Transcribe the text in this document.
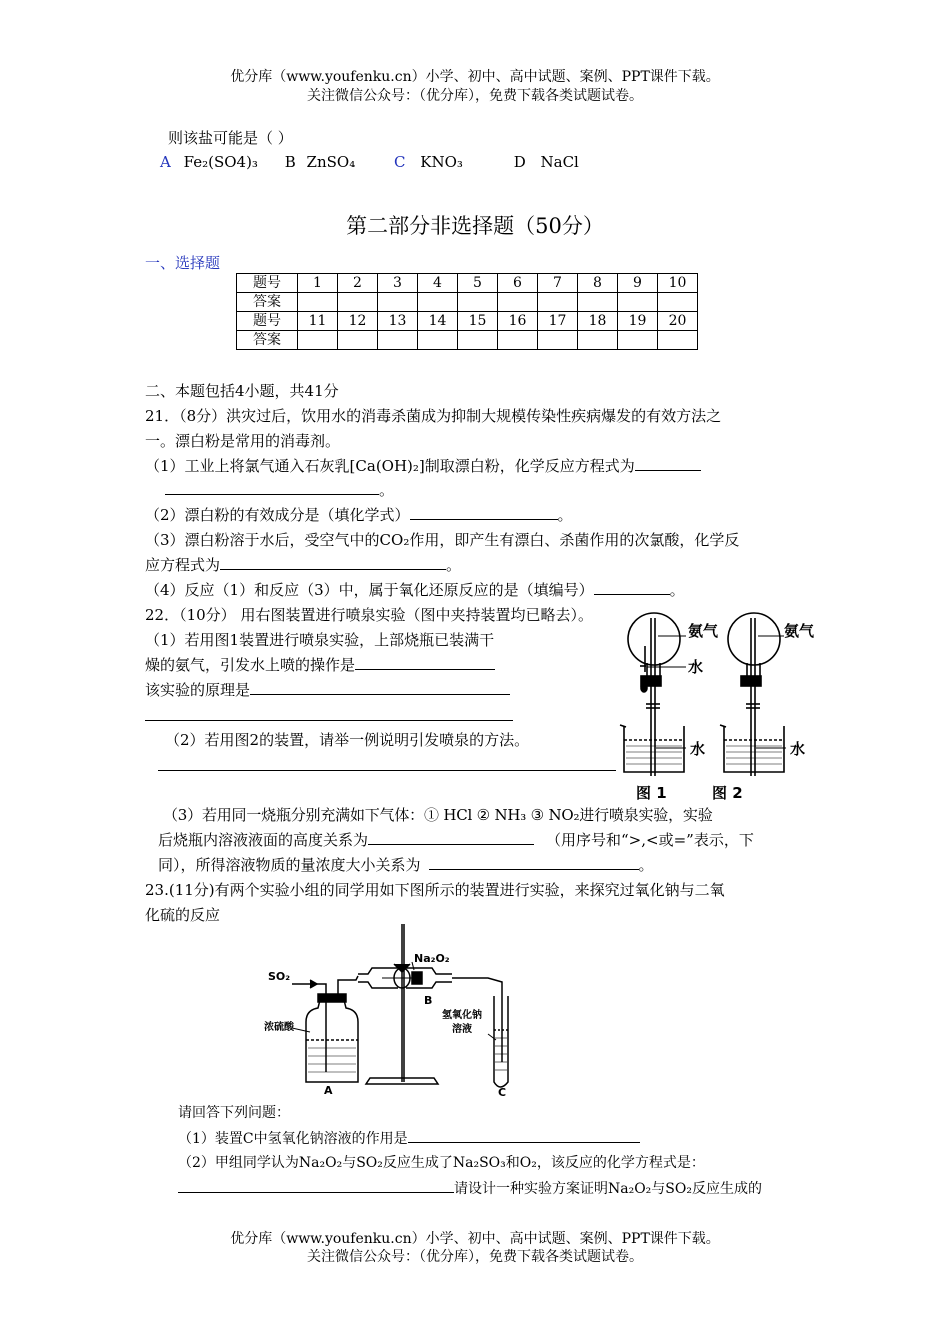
优分库（www.youfenku.cn）小学、初中、高中试题、案例、PPT课件下载。
关注微信公众号：（优分库），免费下载各类试题试卷。
则该盐可能是（ ）
A Fe₂(SO4)₃ B ZnSO₄	C KNO₃	D NaCl
第二部分非选择题（50分）
一、选择题
题号	1	2	3	4	5	6	7	8	9	10
答案										
题号	11	12	13	14	15	16	17	18	19	20
答案										
二、本题包括4小题，共41分
21．（8分）洪灾过后，饮用水的消毒杀菌成为抑制大规模传染性疾病爆发的有效方法之
一。漂白粉是常用的消毒剂。
（1）工业上将氯气通入石灰乳[Ca(OH)₂]制取漂白粉，化学反应方程式为
。
（2）漂白粉的有效成分是（填化学式）	。
（3）漂白粉溶于水后，受空气中的CO₂作用，即产生有漂白、杀菌作用的次氯酸，化学反
应方程式为	。
（4）反应（1）和反应（3）中，属于氧化还原反应的是（填编号）	。
22．（10分） 用右图装置进行喷泉实验（图中夹持装置均已略去）。
（1）若用图1装置进行喷泉实验，上部烧瓶已装满干
燥的氨气，引发水上喷的操作是
该实验的原理是
（2）若用图2的装置，请举一例说明引发喷泉的方法。
氨气
水
水
氨气
水
图 1	图 2
（3）若用同一烧瓶分别充满如下气体：① HCl ② NH₃ ③ NO₂进行喷泉实验，实验
后烧瓶内溶液液面的高度关系为	（用序号和“>,<或=”表示，下
同），所得溶液物质的量浓度大小关系为	。
23.(11分)有两个实验小组的同学用如下图所示的装置进行实验，来探究过氧化钠与二氧
化硫的反应
SO₂
Na₂O₂
浓硫酸
氢氧化钠
溶液
A
B
C
请回答下列问题：
（1）装置C中氢氧化钠溶液的作用是
（2）甲组同学认为Na₂O₂与SO₂反应生成了Na₂SO₃和O₂，该反应的化学方程式是：
请设计一种实验方案证明Na₂O₂与SO₂反应生成的
优分库（www.youfenku.cn）小学、初中、高中试题、案例、PPT课件下载。
关注微信公众号：（优分库），免费下载各类试题试卷。
